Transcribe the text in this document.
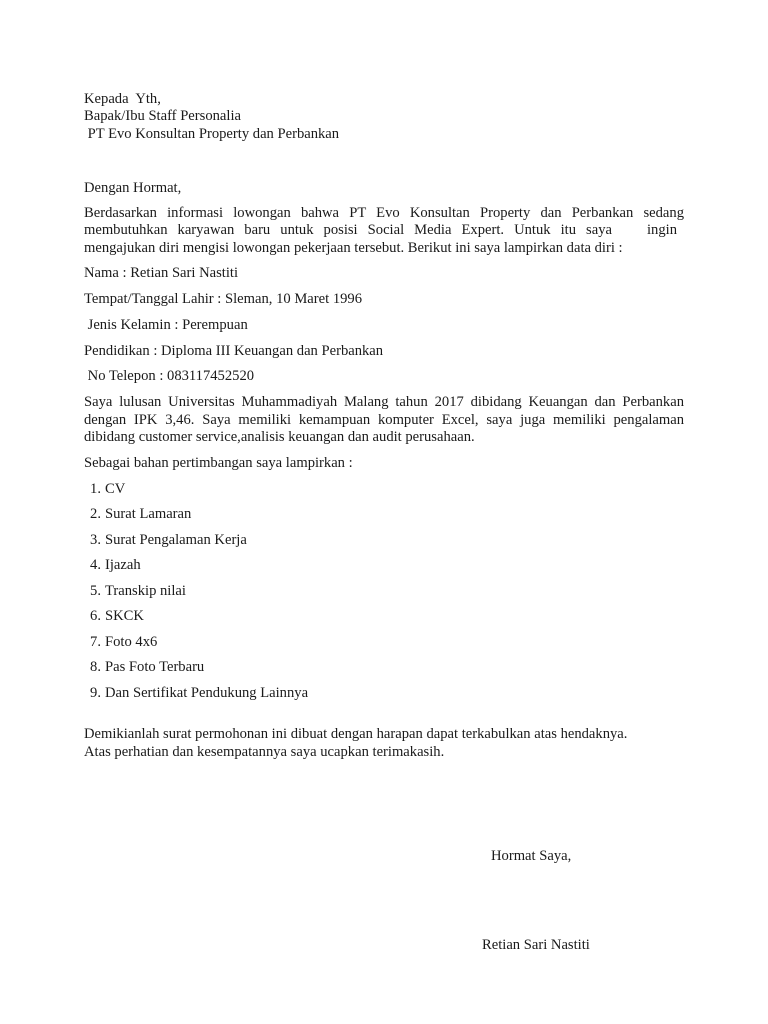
Kepada  Yth,
Bapak/Ibu Staff Personalia
PT Evo Konsultan Property dan Perbankan
Dengan Hormat,
Berdasarkan informasi lowongan bahwa PT Evo Konsultan Property dan Perbankan sedang
membutuhkan karyawan baru untuk posisi Social Media Expert. Untuk itu saya ingin
mengajukan diri mengisi lowongan pekerjaan tersebut. Berikut ini saya lampirkan data diri :
Nama : Retian Sari Nastiti
Tempat/Tanggal Lahir : Sleman, 10 Maret 1996
Jenis Kelamin : Perempuan
Pendidikan : Diploma III Keuangan dan Perbankan
No Telepon : 083117452520
Saya lulusan Universitas Muhammadiyah Malang tahun 2017 dibidang Keuangan dan Perbankan
dengan IPK 3,46. Saya memiliki kemampuan komputer Excel, saya juga memiliki pengalaman
dibidang customer service,analisis keuangan dan audit perusahaan.
Sebagai bahan pertimbangan saya lampirkan :
1. CV
2. Surat Lamaran
3. Surat Pengalaman Kerja
4. Ijazah
5. Transkip nilai
6. SKCK
7. Foto 4x6
8. Pas Foto Terbaru
9. Dan Sertifikat Pendukung Lainnya
Demikianlah surat permohonan ini dibuat dengan harapan dapat terkabulkan atas hendaknya.
Atas perhatian dan kesempatannya saya ucapkan terimakasih.
Hormat Saya,
Retian Sari Nastiti
